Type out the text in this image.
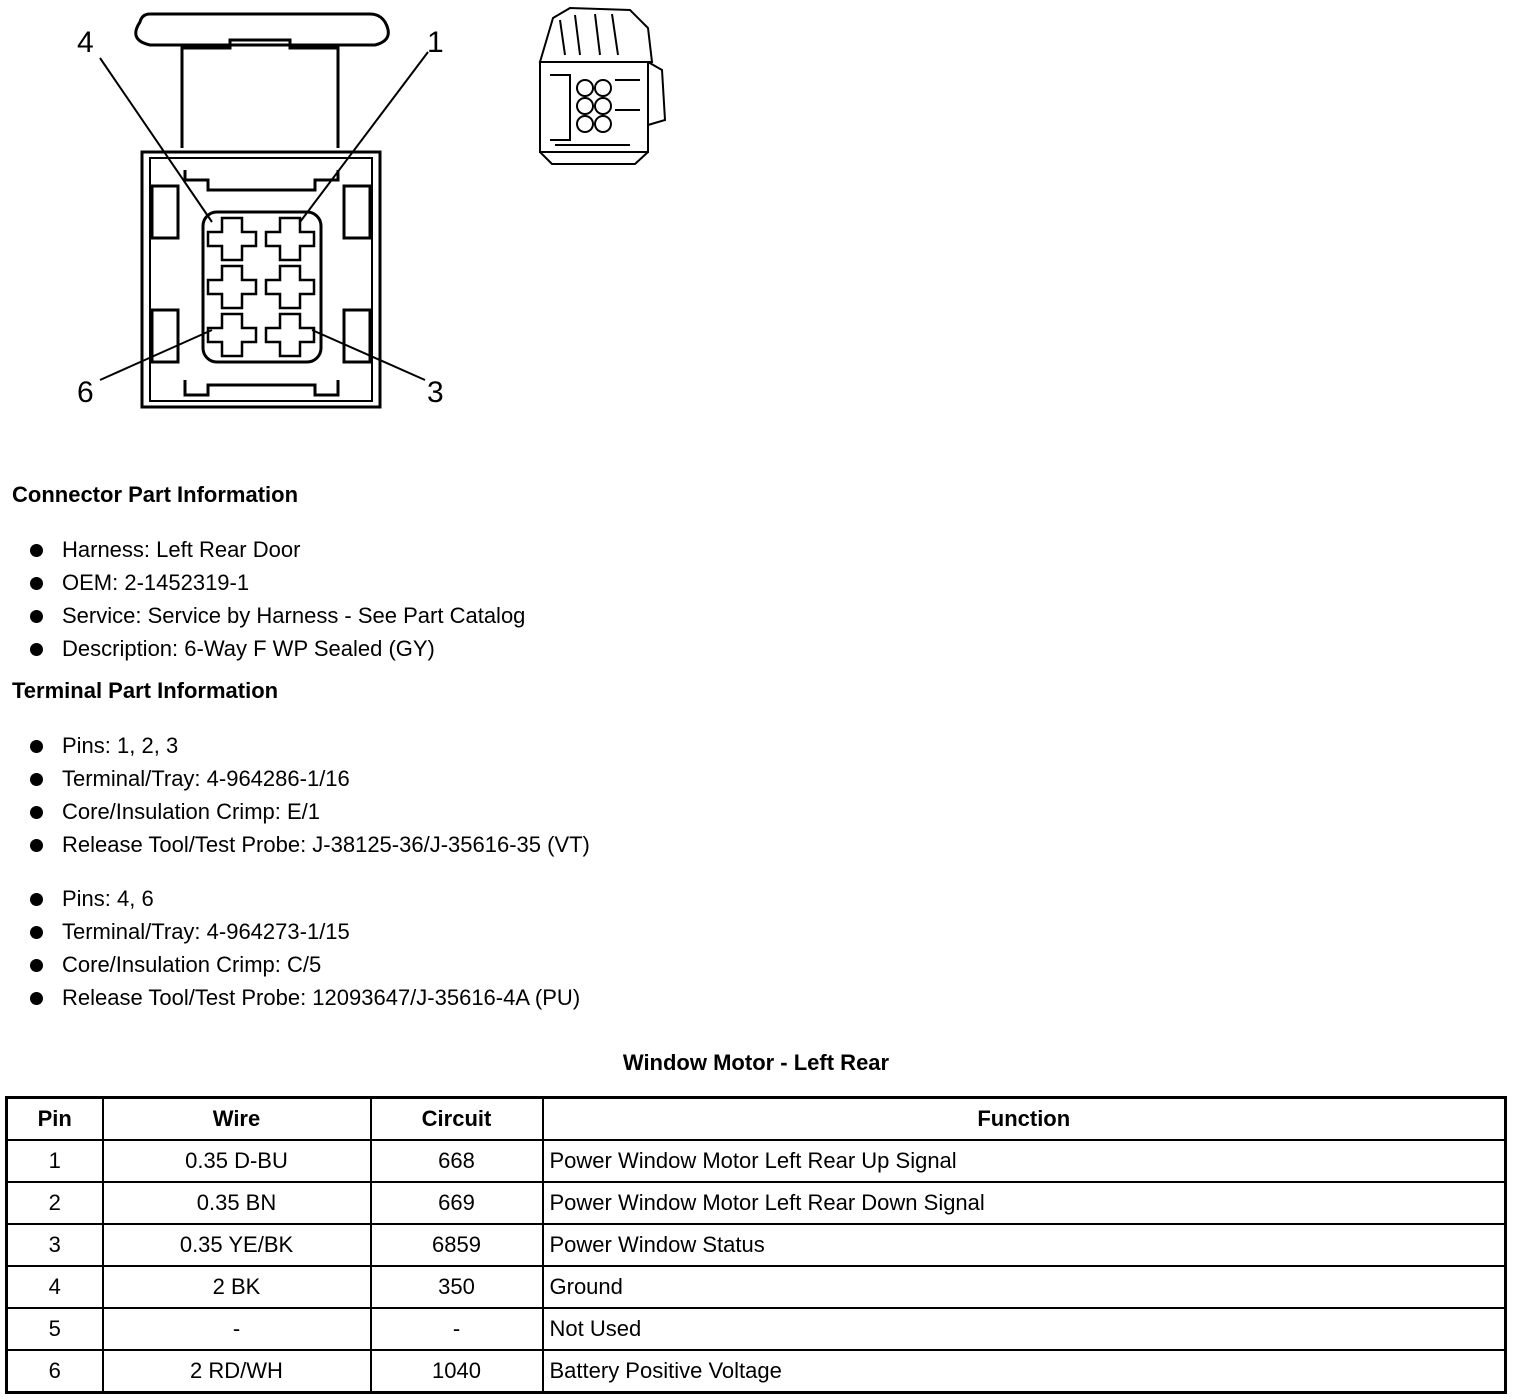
4	1
6	3
Connector Part Information
Harness: Left Rear Door
OEM: 2-1452319-1
Service: Service by Harness - See Part Catalog
Description: 6-Way F WP Sealed (GY)
Terminal Part Information
Pins: 1, 2, 3
Terminal/Tray: 4-964286-1/16
Core/Insulation Crimp: E/1
Release Tool/Test Probe: J-38125-36/J-35616-35 (VT)
Pins: 4, 6
Terminal/Tray: 4-964273-1/15
Core/Insulation Crimp: C/5
Release Tool/Test Probe: 12093647/J-35616-4A (PU)
Window Motor - Left Rear
Pin	Wire	Circuit	Function
1	0.35 D-BU	668	Power Window Motor Left Rear Up Signal
2	0.35 BN	669	Power Window Motor Left Rear Down Signal
3	0.35 YE/BK	6859	Power Window Status
4	2 BK	350	Ground
5	-	-	Not Used
6	2 RD/WH	1040	Battery Positive Voltage
